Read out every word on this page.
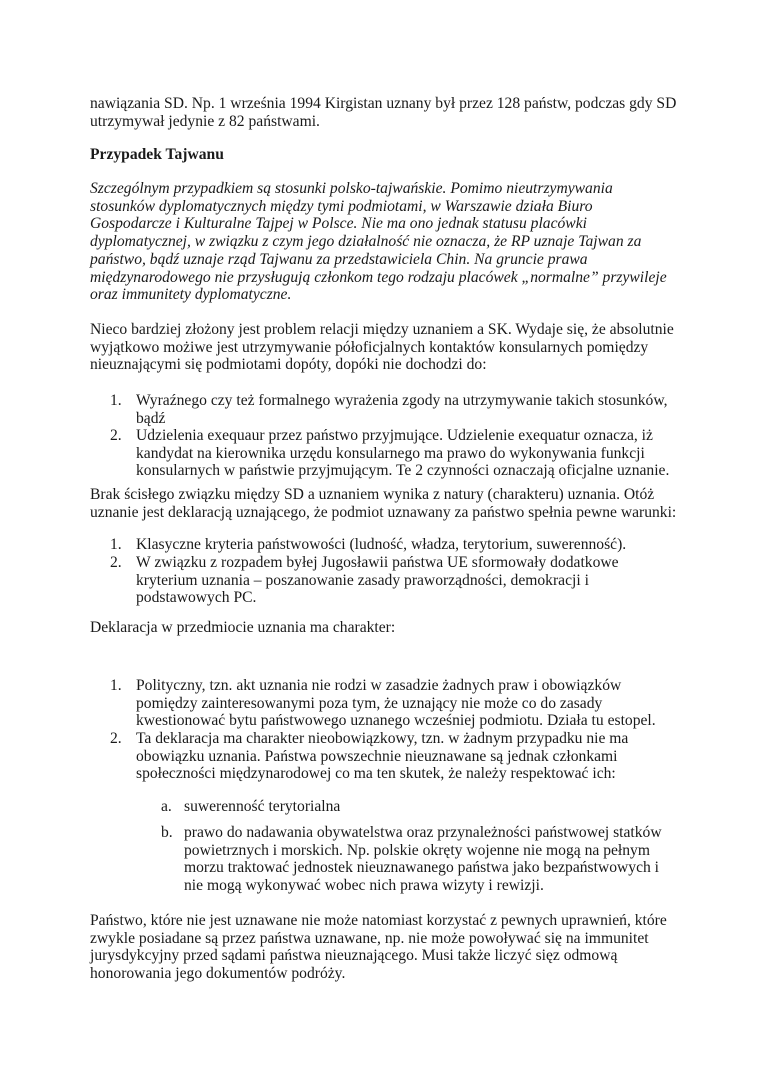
nawiązania SD. Np. 1 września 1994 Kirgistan uznany był przez 128 państw, podczas gdy SD
utrzymywał jedynie z 82 państwami.
Przypadek Tajwanu
Szczególnym przypadkiem są stosunki polsko-tajwańskie. Pomimo nieutrzymywania
stosunków dyplomatycznych między tymi podmiotami, w Warszawie działa Biuro
Gospodarcze i Kulturalne Tajpej w Polsce. Nie ma ono jednak statusu placówki
dyplomatycznej, w związku z czym jego działalność nie oznacza, że RP uznaje Tajwan za
państwo, bądź uznaje rząd Tajwanu za przedstawiciela Chin. Na gruncie prawa
międzynarodowego nie przysługują członkom tego rodzaju placówek „normalne” przywileje
oraz immunitety dyplomatyczne.
Nieco bardziej złożony jest problem relacji między uznaniem a SK. Wydaje się, że absolutnie
wyjątkowo możiwe jest utrzymywanie półoficjalnych kontaktów konsularnych pomiędzy
nieuznającymi się podmiotami dopóty, dopóki nie dochodzi do:
1. Wyraźnego czy też formalnego wyrażenia zgody na utrzymywanie takich stosunków,
bądź
2. Udzielenia exequaur przez państwo przyjmujące. Udzielenie exequatur oznacza, iż
kandydat na kierownika urzędu konsularnego ma prawo do wykonywania funkcji
konsularnych w państwie przyjmującym. Te 2 czynności oznaczają oficjalne uznanie.
Brak ścisłego związku między SD a uznaniem wynika z natury (charakteru) uznania. Otóż
uznanie jest deklaracją uznającego, że podmiot uznawany za państwo spełnia pewne warunki:
1. Klasyczne kryteria państwowości (ludność, władza, terytorium, suwerenność).
2. W związku z rozpadem byłej Jugosławii państwa UE sformowały dodatkowe
kryterium uznania – poszanowanie zasady praworządności, demokracji i
podstawowych PC.
Deklaracja w przedmiocie uznania ma charakter:
1. Polityczny, tzn. akt uznania nie rodzi w zasadzie żadnych praw i obowiązków
pomiędzy zainteresowanymi poza tym, że uznający nie może co do zasady
kwestionować bytu państwowego uznanego wcześniej podmiotu. Działa tu estopel.
2. Ta deklaracja ma charakter nieobowiązkowy, tzn. w żadnym przypadku nie ma
obowiązku uznania. Państwa powszechnie nieuznawane są jednak członkami
społeczności międzynarodowej co ma ten skutek, że należy respektować ich:
a. suwerenność terytorialna
b. prawo do nadawania obywatelstwa oraz przynależności państwowej statków
powietrznych i morskich. Np. polskie okręty wojenne nie mogą na pełnym
morzu traktować jednostek nieuznawanego państwa jako bezpaństwowych i
nie mogą wykonywać wobec nich prawa wizyty i rewizji.
Państwo, które nie jest uznawane nie może natomiast korzystać z pewnych uprawnień, które
zwykle posiadane są przez państwa uznawane, np. nie może powoływać się na immunitet
jurysdykcyjny przed sądami państwa nieuznającego. Musi także liczyć sięz odmową
honorowania jego dokumentów podróży.
